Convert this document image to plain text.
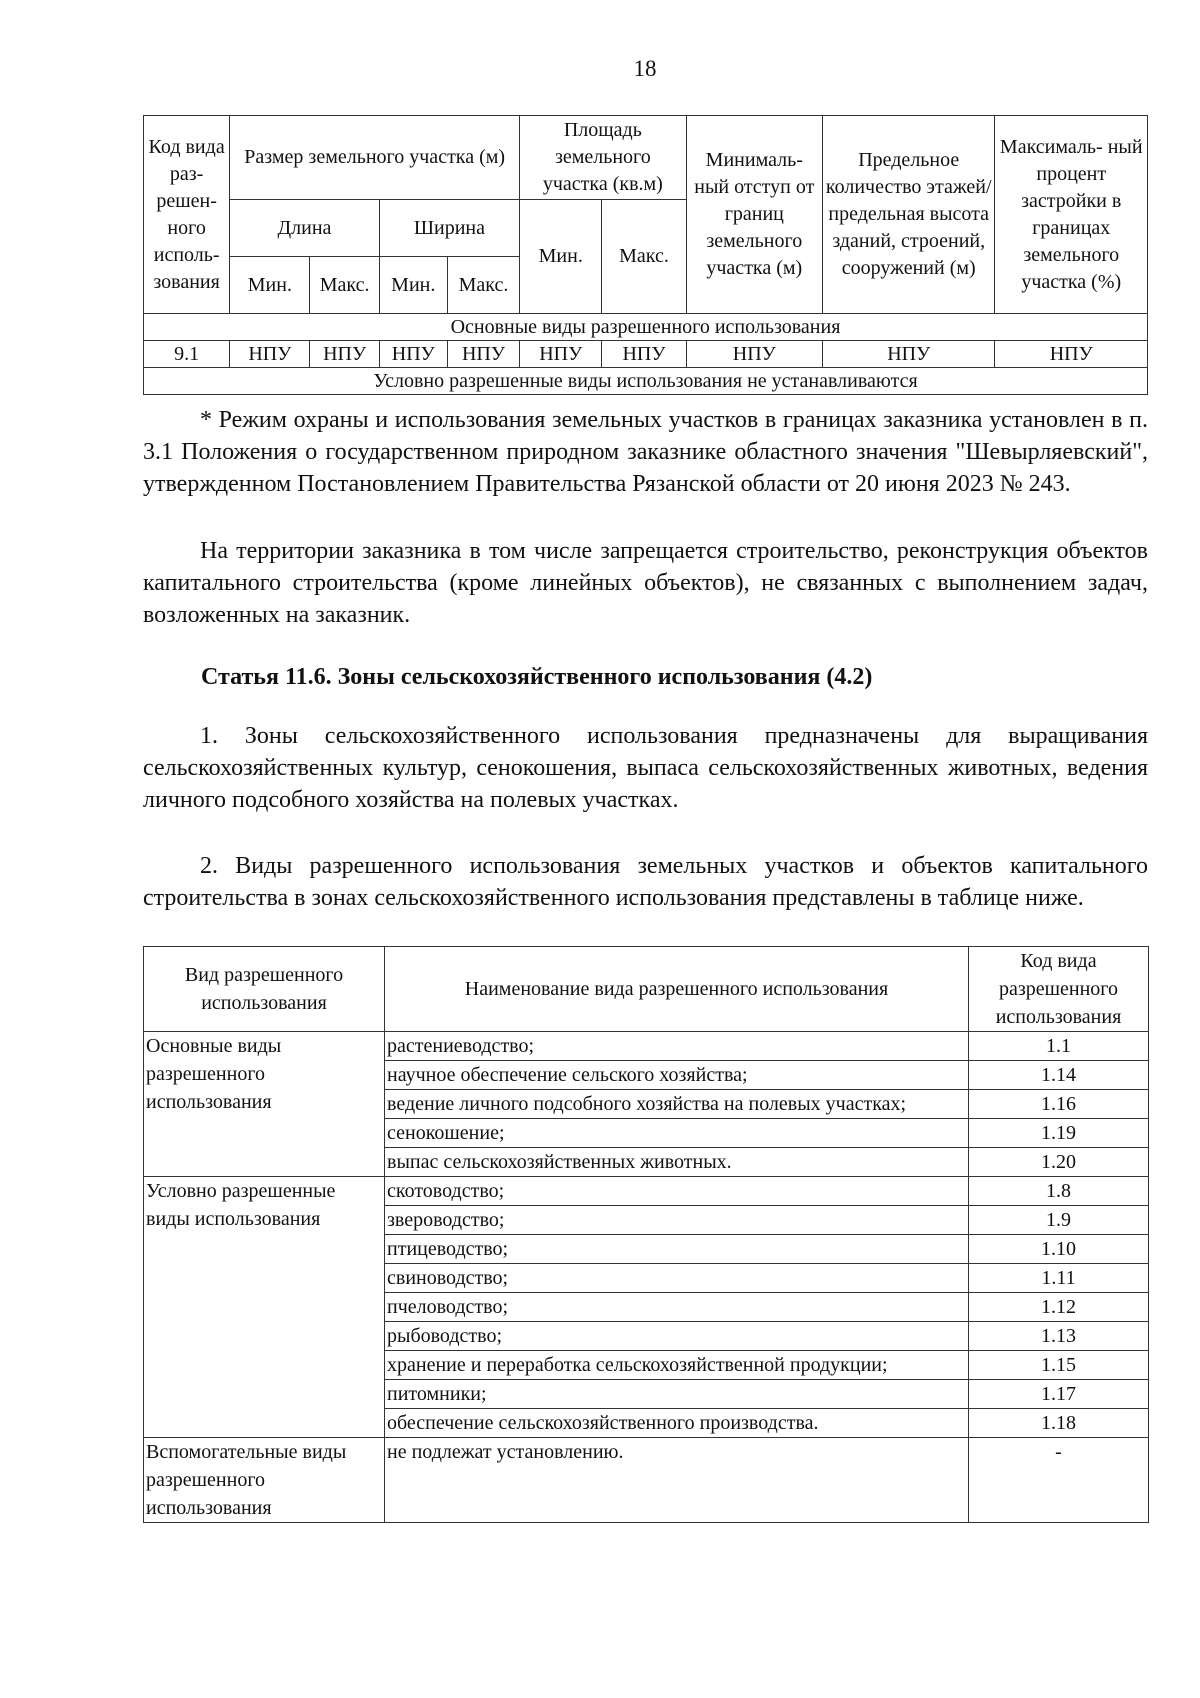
18
Код вида раз- решен- ного исполь- зования	Размер земельного участка (м)				Площадь земельного участка (кв.м)		Минималь- ный отступ от границ земельного участка (м)	Предельное количество этажей/ предельная высота зданий, строений, сооружений (м)	Максималь- ный процент застройки в границах земельного участка (%)
	Длина		Ширина		Мин.	Макс.			
	Мин.	Макс.	Мин.	Макс.					
Основные виды разрешенного использования									
9.1	НПУ	НПУ	НПУ	НПУ	НПУ	НПУ	НПУ	НПУ	НПУ
Условно разрешенные виды использования не устанавливаются									

* Режим охраны и использования земельных участков в границах заказника установлен в п. 3.1 Положения о государственном природном заказнике областного значения "Шевырляевский", утвержденном Постановлением Правительства Рязанской области от 20 июня 2023 № 243.

На территории заказника в том числе запрещается строительство, реконструкция объектов капитального строительства (кроме линейных объектов), не связанных с выполнением задач, возложенных на заказник.

Статья 11.6. Зоны сельскохозяйственного использования (4.2)

1. Зоны сельскохозяйственного использования предназначены для выращивания сельскохозяйственных культур, сенокошения, выпаса сельскохозяйственных животных, ведения личного подсобного хозяйства на полевых участках.

2. Виды разрешенного использования земельных участков и объектов капитального строительства в зонах сельскохозяйственного использования представлены в таблице ниже.

Вид разрешенного использования	Наименование вида разрешенного использования	Код вида разрешенного использования
Основные виды разрешенного использования	растениеводство;	1.1
	научное обеспечение сельского хозяйства;	1.14
	ведение личного подсобного хозяйства на полевых участках;	1.16
	сенокошение;	1.19
	выпас сельскохозяйственных животных.	1.20
Условно разрешенные виды использования	скотоводство;	1.8
	звероводство;	1.9
	птицеводство;	1.10
	свиноводство;	1.11
	пчеловодство;	1.12
	рыбоводство;	1.13
	хранение и переработка сельскохозяйственной продукции;	1.15
	питомники;	1.17
	обеспечение сельскохозяйственного производства.	1.18
Вспомогательные виды разрешенного использования	не подлежат установлению.	-
